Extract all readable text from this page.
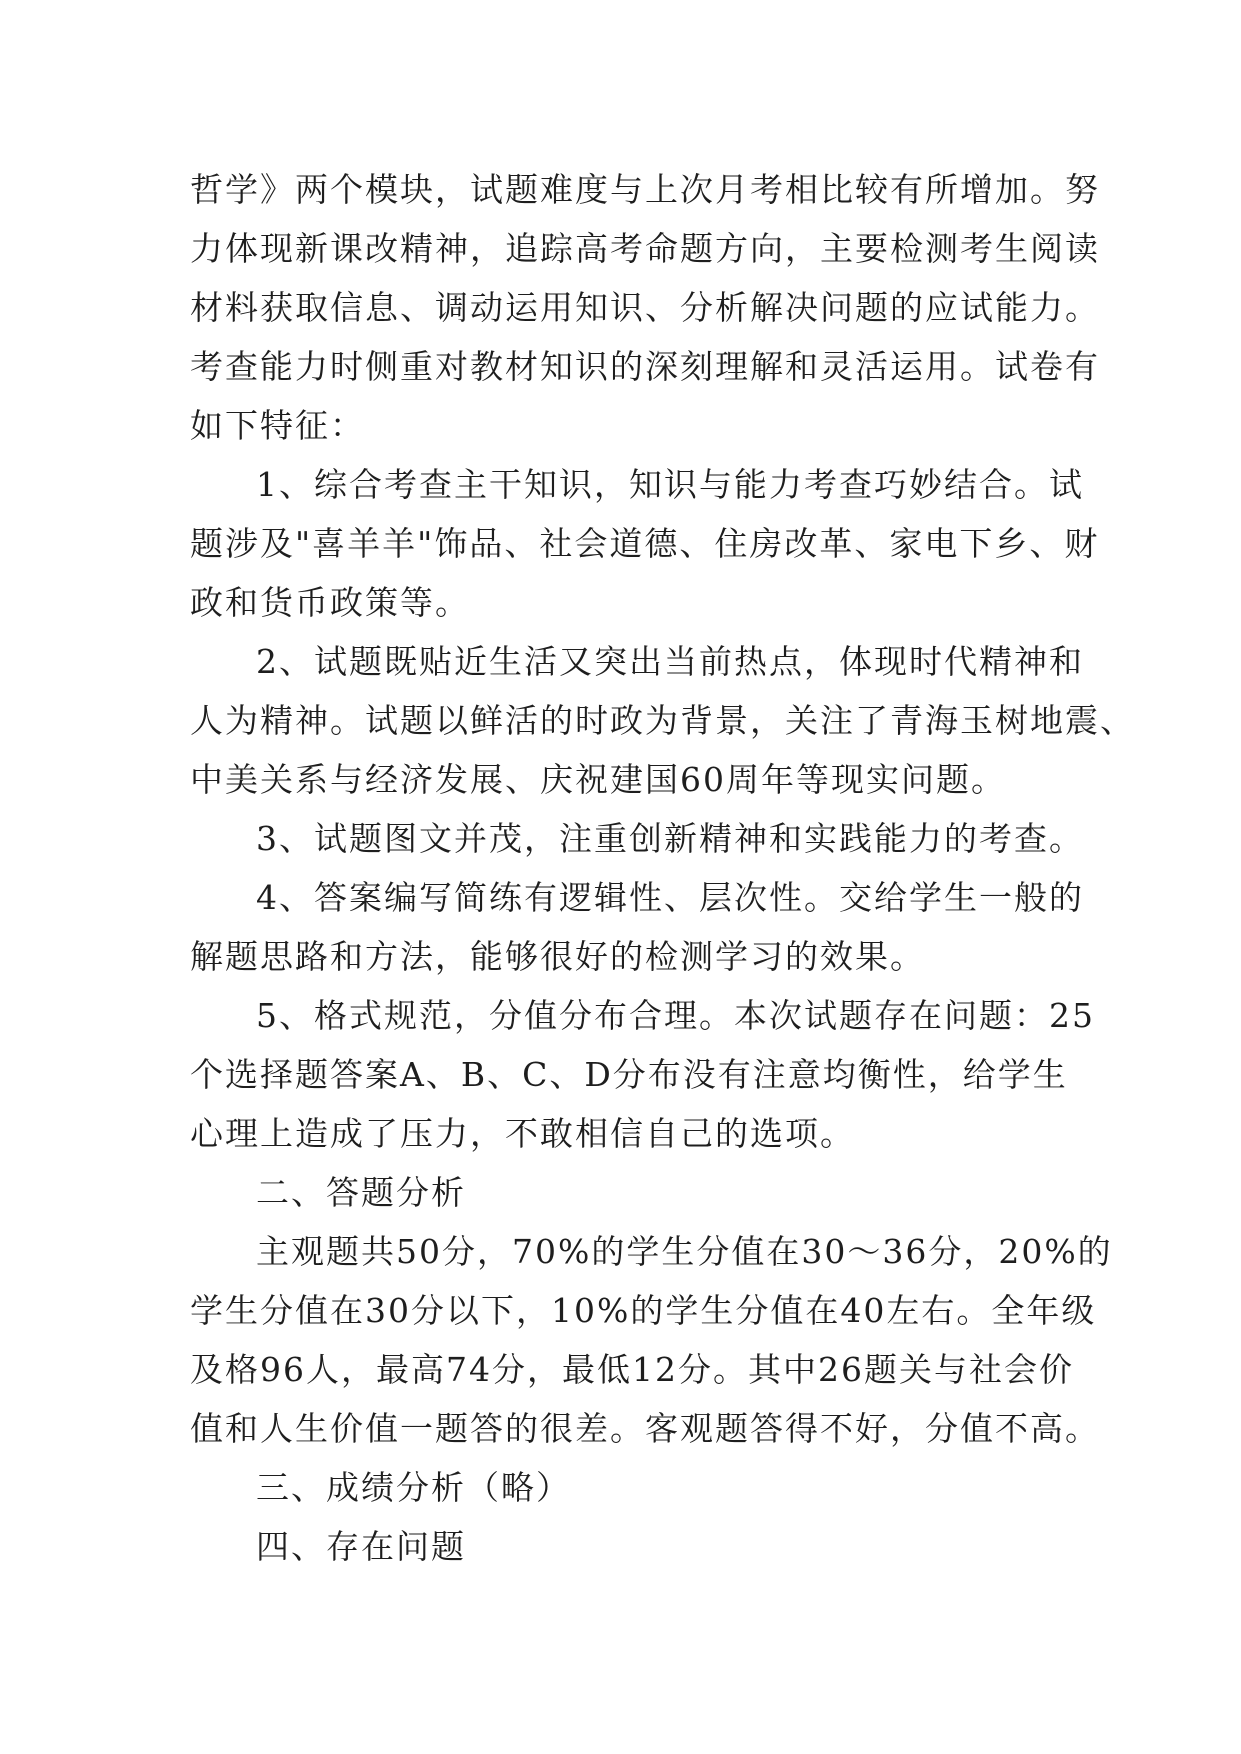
哲学》两个模块，试题难度与上次月考相比较有所增加。努
力体现新课改精神，追踪高考命题方向，主要检测考生阅读
材料获取信息、调动运用知识、分析解决问题的应试能力。
考查能力时侧重对教材知识的深刻理解和灵活运用。试卷有
如下特征：
1、综合考查主干知识，知识与能力考查巧妙结合。试
题涉及"喜羊羊"饰品、社会道德、住房改革、家电下乡、财
政和货币政策等。
2、试题既贴近生活又突出当前热点，体现时代精神和
人为精神。试题以鲜活的时政为背景，关注了青海玉树地震、
中美关系与经济发展、庆祝建国60周年等现实问题。
3、试题图文并茂，注重创新精神和实践能力的考查。
4、答案编写简练有逻辑性、层次性。交给学生一般的
解题思路和方法，能够很好的检测学习的效果。
5、格式规范，分值分布合理。本次试题存在问题：25
个选择题答案A、B、C、D分布没有注意均衡性，给学生
心理上造成了压力，不敢相信自己的选项。
二、答题分析
主观题共50分，70%的学生分值在30～36分，20%的
学生分值在30分以下，10%的学生分值在40左右。全年级
及格96人，最高74分，最低12分。其中26题关与社会价
值和人生价值一题答的很差。客观题答得不好，分值不高。
三、成绩分析（略）
四、存在问题
